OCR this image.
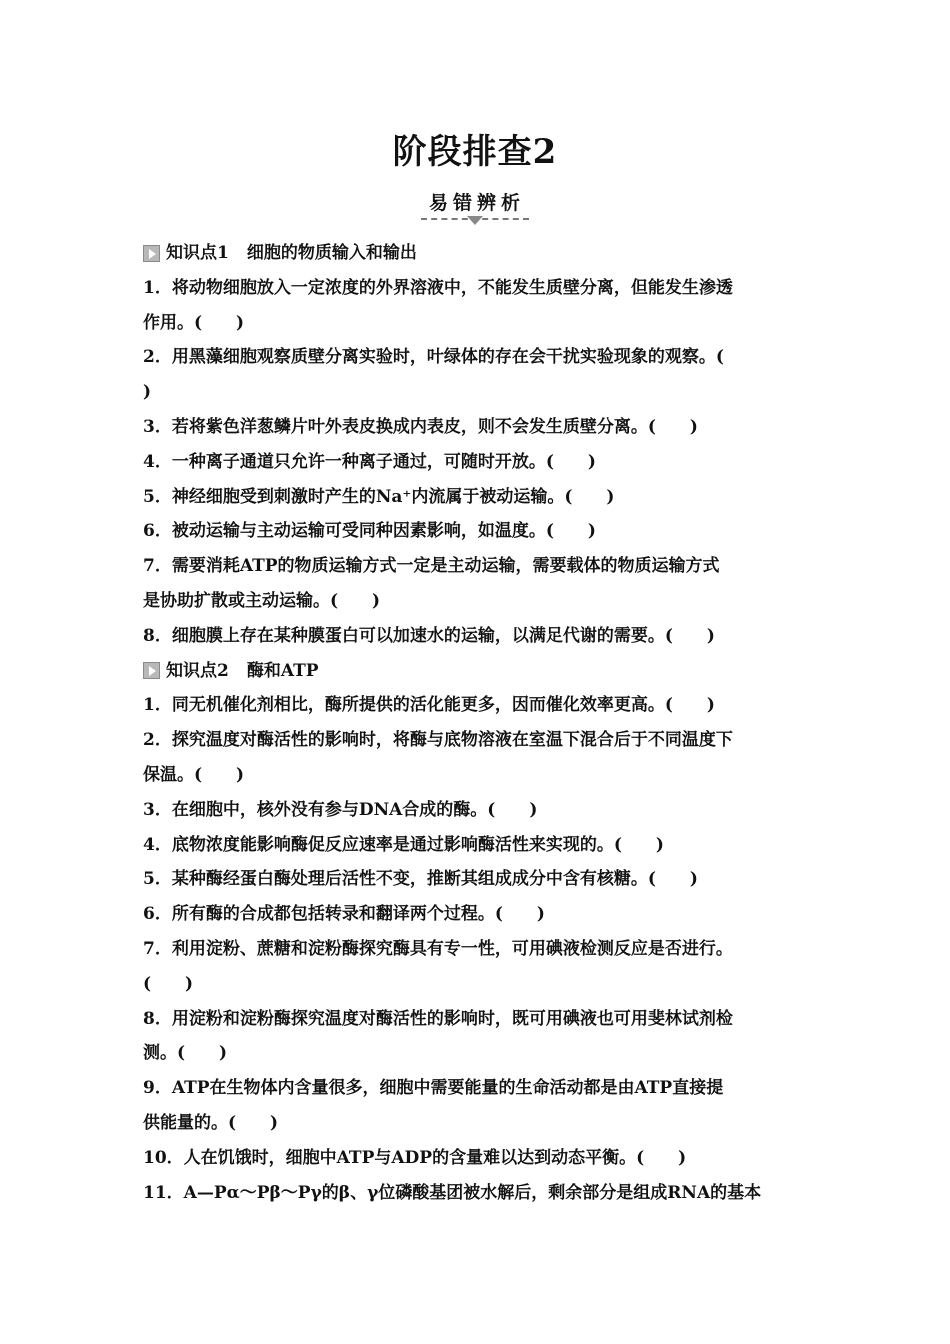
阶段排查2
易错辨析
知识点1 细胞的物质输入和输出
1．将动物细胞放入一定浓度的外界溶液中，不能发生质壁分离，但能发生渗透
作用。(　　)
2．用黑藻细胞观察质壁分离实验时，叶绿体的存在会干扰实验现象的观察。(
)
3．若将紫色洋葱鳞片叶外表皮换成内表皮，则不会发生质壁分离。(　　)
4．一种离子通道只允许一种离子通过，可随时开放。(　　)
5．神经细胞受到刺激时产生的Na⁺内流属于被动运输。(　　)
6．被动运输与主动运输可受同种因素影响，如温度。(　　)
7．需要消耗ATP的物质运输方式一定是主动运输，需要载体的物质运输方式
是协助扩散或主动运输。(　　)
8．细胞膜上存在某种膜蛋白可以加速水的运输，以满足代谢的需要。(　　)
知识点2 酶和ATP
1．同无机催化剂相比，酶所提供的活化能更多，因而催化效率更高。(　　)
2．探究温度对酶活性的影响时，将酶与底物溶液在室温下混合后于不同温度下
保温。(　　)
3．在细胞中，核外没有参与DNA合成的酶。(　　)
4．底物浓度能影响酶促反应速率是通过影响酶活性来实现的。(　　)
5．某种酶经蛋白酶处理后活性不变，推断其组成成分中含有核糖。(　　)
6．所有酶的合成都包括转录和翻译两个过程。(　　)
7．利用淀粉、蔗糖和淀粉酶探究酶具有专一性，可用碘液检测反应是否进行。
(　　)
8．用淀粉和淀粉酶探究温度对酶活性的影响时，既可用碘液也可用斐林试剂检
测。(　　)
9．ATP在生物体内含量很多，细胞中需要能量的生命活动都是由ATP直接提
供能量的。(　　)
10．人在饥饿时，细胞中ATP与ADP的含量难以达到动态平衡。(　　)
11．A—Pα～Pβ～Pγ的β、γ位磷酸基团被水解后，剩余部分是组成RNA的基本
